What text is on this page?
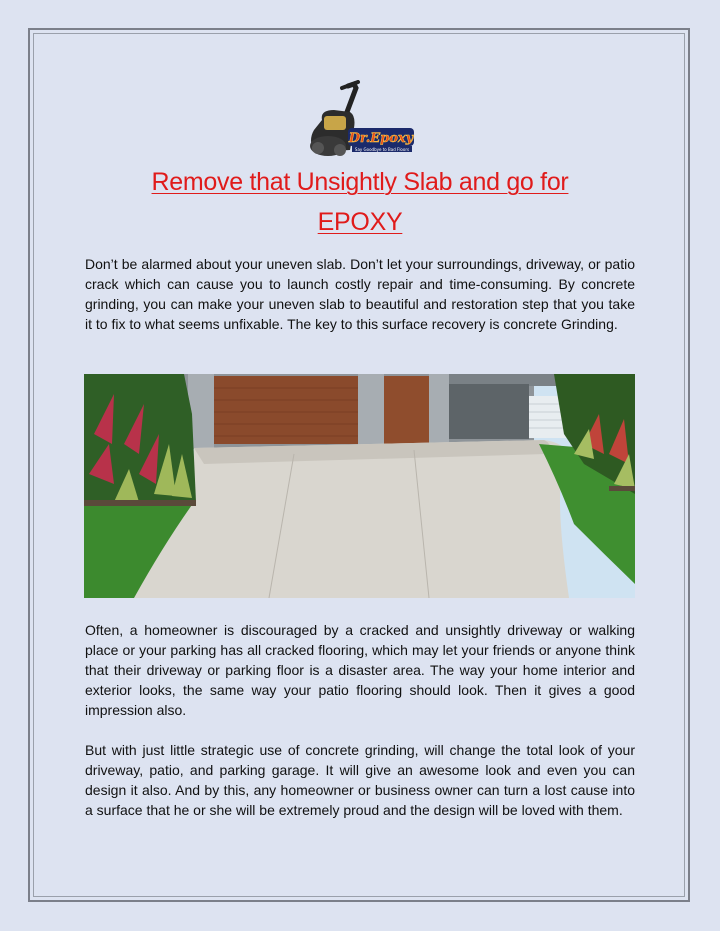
Dr.Epoxy
Say Goodbye to Bad Floors
Remove that Unsightly Slab and go for
EPOXY

Don’t be alarmed about your uneven slab. Don’t let your surroundings, driveway, or patio crack which can cause you to launch costly repair and time-consuming. By concrete grinding, you can make your uneven slab to beautiful and restoration step that you take it to fix to what seems unfixable. The key to this surface recovery is concrete Grinding.

Often, a homeowner is discouraged by a cracked and unsightly driveway or walking place or your parking has all cracked flooring, which may let your friends or anyone think that their driveway or parking floor is a disaster area. The way your home interior and exterior looks, the same way your patio flooring should look. Then it gives a good impression also.

But with just little strategic use of concrete grinding, will change the total look of your driveway, patio, and parking garage. It will give an awesome look and even you can design it also. And by this, any homeowner or business owner can turn a lost cause into a surface that he or she will be extremely proud and the design will be loved with them.
